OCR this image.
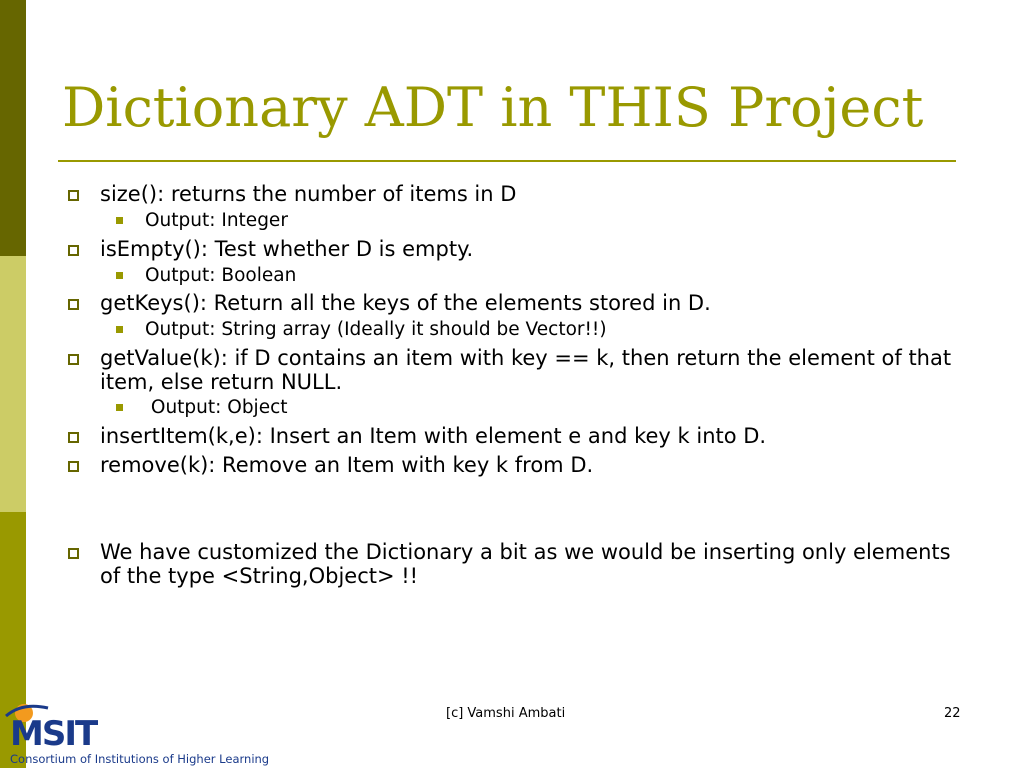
Dictionary ADT in THIS Project
size(): returns the number of items in D
Output: Integer
isEmpty(): Test whether D is empty.
Output: Boolean
getKeys(): Return all the keys of the elements stored in D.
Output: String array (Ideally it should be Vector!!)
getValue(k): if D contains an item with key == k, then return the element of that item, else return NULL.
Output: Object
insertItem(k,e): Insert an Item with element e and key k into D.
remove(k): Remove an Item with key k from D.
We have customized the Dictionary a bit as we would be inserting only elements of the type <String,Object> !!
[c] Vamshi Ambati	22
MSIT
Consortium of Institutions of Higher Learning
